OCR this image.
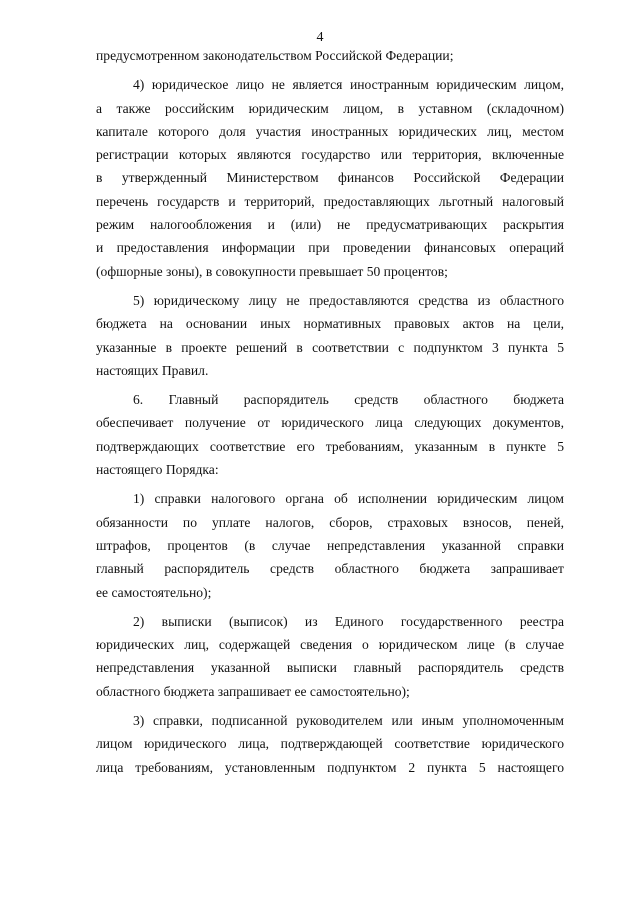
4
предусмотренном законодательством Российской Федерации;
4) юридическое лицо не является иностранным юридическим лицом,
а также российским юридическим лицом, в уставном (складочном)
капитале которого доля участия иностранных юридических лиц, местом
регистрации которых являются государство или территория, включенные
в утвержденный Министерством финансов Российской Федерации
перечень государств и территорий, предоставляющих льготный налоговый
режим налогообложения и (или) не предусматривающих раскрытия
и предоставления информации при проведении финансовых операций
(офшорные зоны), в совокупности превышает 50 процентов;
5) юридическому лицу не предоставляются средства из областного
бюджета на основании иных нормативных правовых актов на цели,
указанные в проекте решений в соответствии с подпунктом 3 пункта 5
настоящих Правил.
6. Главный распорядитель средств областного бюджета
обеспечивает получение от юридического лица следующих документов,
подтверждающих соответствие его требованиям, указанным в пункте 5
настоящего Порядка:
1) справки налогового органа об исполнении юридическим лицом
обязанности по уплате налогов, сборов, страховых взносов, пеней,
штрафов, процентов (в случае непредставления указанной справки
главный распорядитель средств областного бюджета запрашивает
ее самостоятельно);
2) выписки (выписок) из Единого государственного реестра
юридических лиц, содержащей сведения о юридическом лице (в случае
непредставления указанной выписки главный распорядитель средств
областного бюджета запрашивает ее самостоятельно);
3) справки, подписанной руководителем или иным уполномоченным
лицом юридического лица, подтверждающей соответствие юридического
лица требованиям, установленным подпунктом 2 пункта 5 настоящего
